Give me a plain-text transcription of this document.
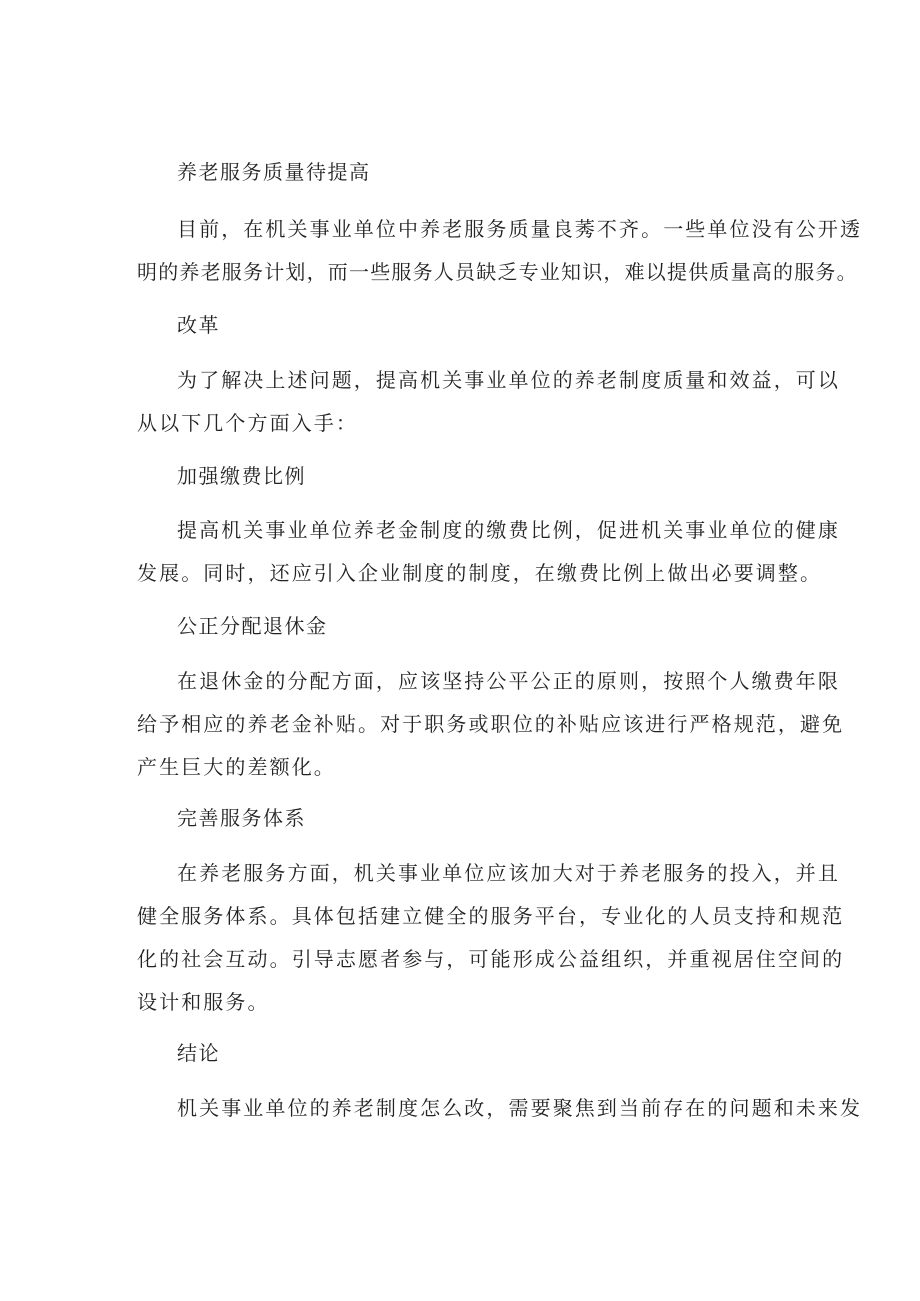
养老服务质量待提高
目前，在机关事业单位中养老服务质量良莠不齐。一些单位没有公开透
明的养老服务计划，而一些服务人员缺乏专业知识，难以提供质量高的服务。
改革
为了解决上述问题，提高机关事业单位的养老制度质量和效益，可以
从以下几个方面入手：
加强缴费比例
提高机关事业单位养老金制度的缴费比例，促进机关事业单位的健康
发展。同时，还应引入企业制度的制度，在缴费比例上做出必要调整。
公正分配退休金
在退休金的分配方面，应该坚持公平公正的原则，按照个人缴费年限
给予相应的养老金补贴。对于职务或职位的补贴应该进行严格规范，避免
产生巨大的差额化。
完善服务体系
在养老服务方面，机关事业单位应该加大对于养老服务的投入，并且
健全服务体系。具体包括建立健全的服务平台，专业化的人员支持和规范
化的社会互动。引导志愿者参与，可能形成公益组织，并重视居住空间的
设计和服务。
结论
机关事业单位的养老制度怎么改，需要聚焦到当前存在的问题和未来发
